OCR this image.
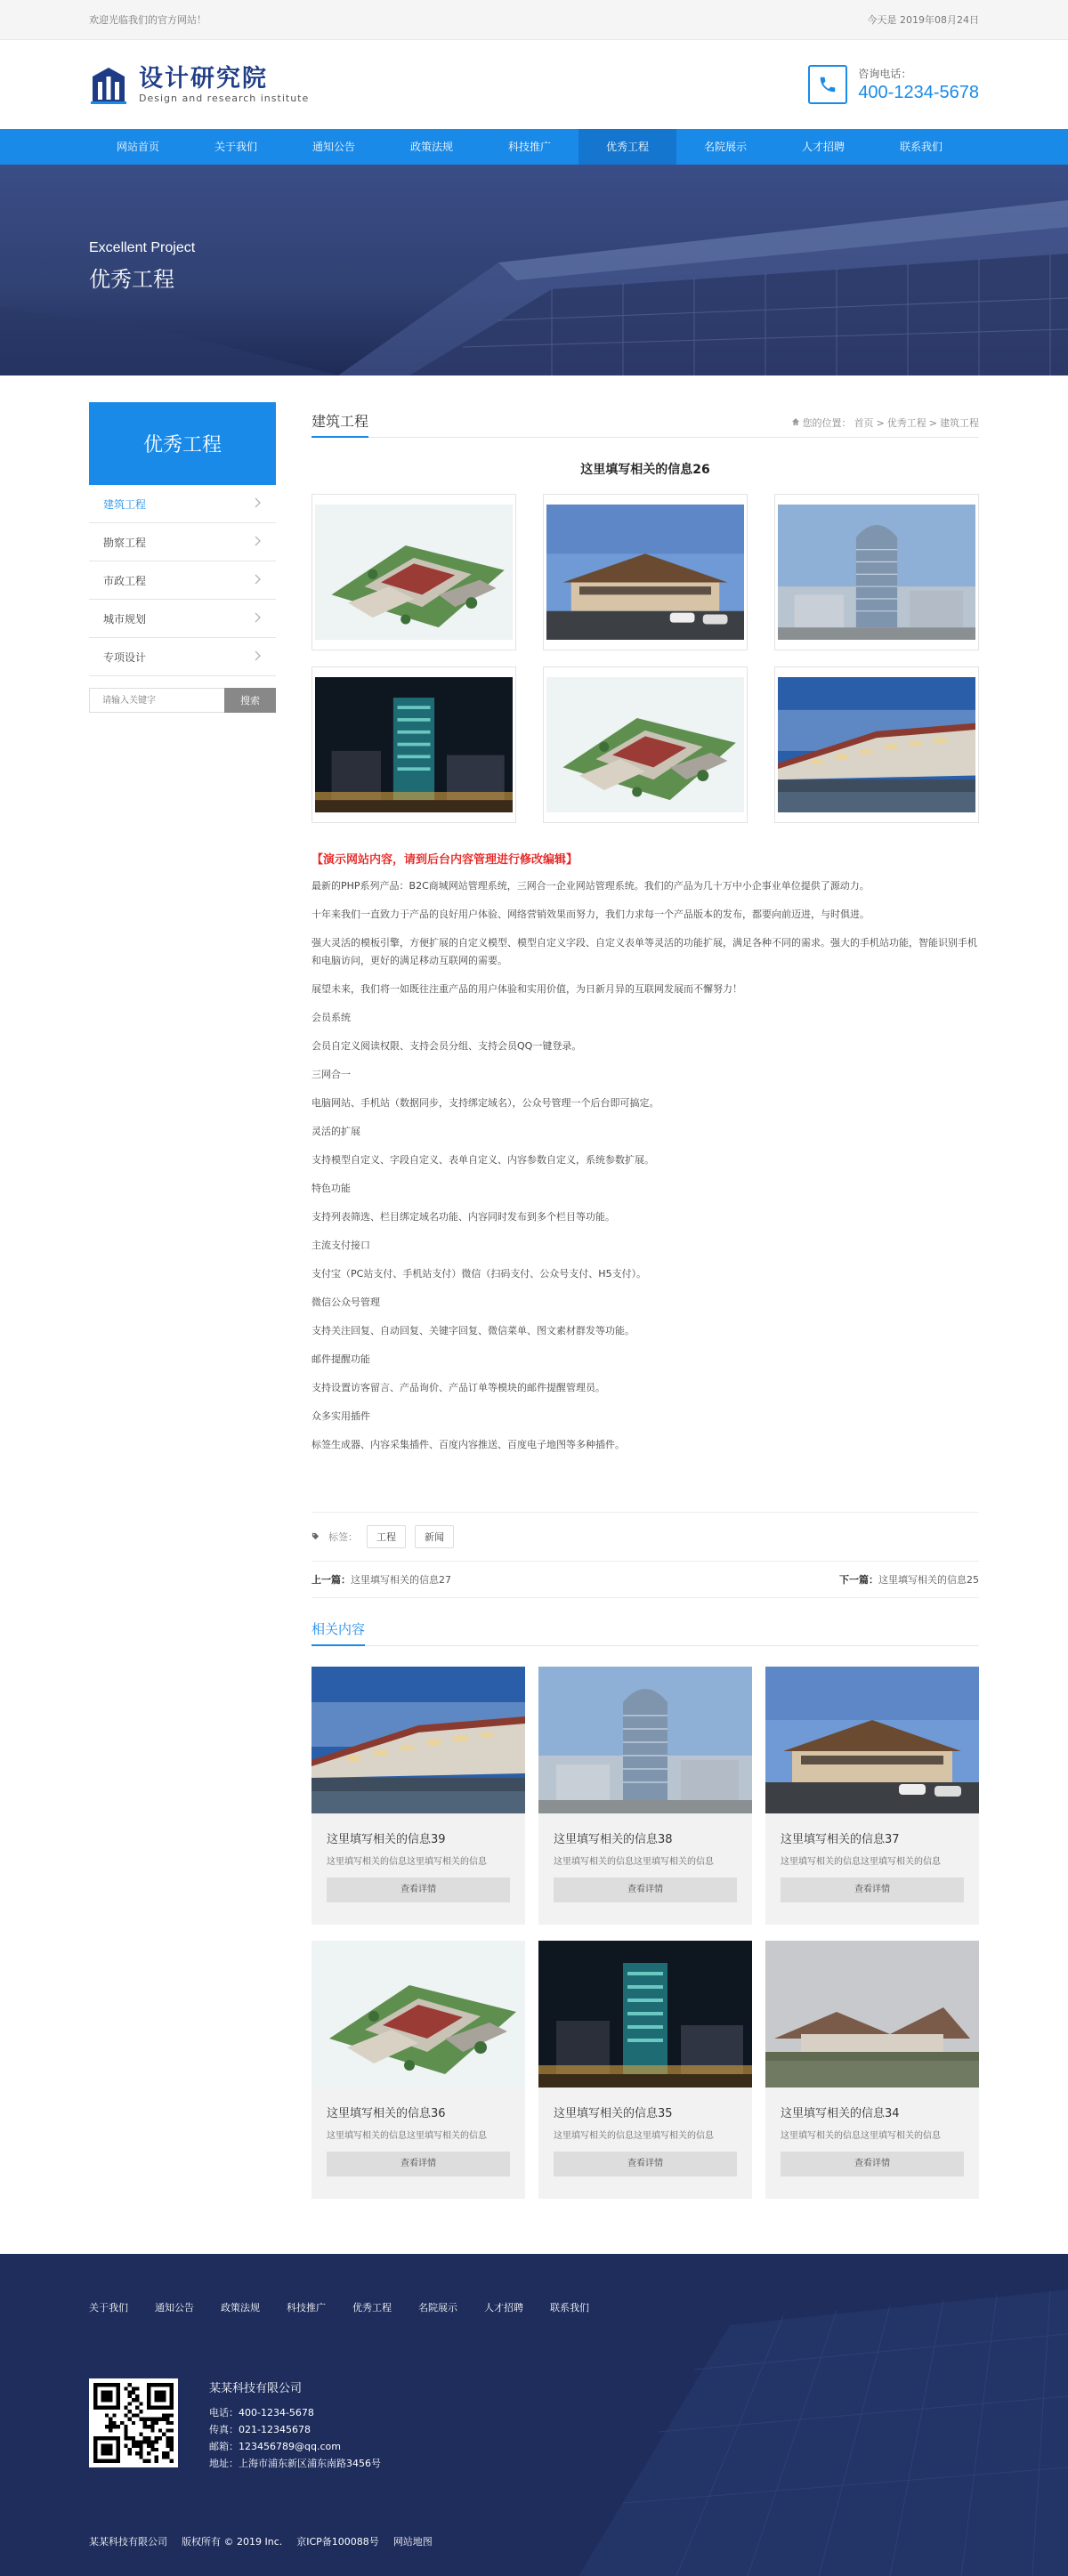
欢迎光临我们的官方网站！	今天是 2019年08月24日
设计研究院
Design and research institute
咨询电话：
400-1234-5678
网站首页	关于我们	通知公告	政策法规	科技推广	优秀工程	名院展示	人才招聘	联系我们
Excellent Project
优秀工程
优秀工程
建筑工程
勘察工程
市政工程
城市规划
专项设计
请输入关键字
搜索
建筑工程	您的位置： 首页 > 优秀工程 > 建筑工程
这里填写相关的信息26
【演示网站内容，请到后台内容管理进行修改编辑】
最新的PHP系列产品：B2C商城网站管理系统，三网合一企业网站管理系统。我们的产品为几十万中小企事业单位提供了源动力。
十年来我们一直致力于产品的良好用户体验、网络营销效果而努力，我们力求每一个产品版本的发布，都要向前迈进，与时俱进。
强大灵活的模板引擎，方便扩展的自定义模型、模型自定义字段、自定义表单等灵活的功能扩展，满足各种不同的需求。强大的手机站功能，智能识别手机和电脑访问，更好的满足移动互联网的需要。
展望未来，我们将一如既往注重产品的用户体验和实用价值，为日新月异的互联网发展而不懈努力！
会员系统
会员自定义阅读权限、支持会员分组、支持会员QQ一键登录。
三网合一
电脑网站、手机站（数据同步，支持绑定域名），公众号管理一个后台即可搞定。
灵活的扩展
支持模型自定义、字段自定义、表单自定义、内容参数自定义，系统参数扩展。
特色功能
支持列表筛选、栏目绑定域名功能、内容同时发布到多个栏目等功能。
主流支付接口
支付宝（PC站支付、手机站支付）微信（扫码支付、公众号支付、H5支付）。
微信公众号管理
支持关注回复、自动回复、关键字回复、微信菜单、图文素材群发等功能。
邮件提醒功能
支持设置访客留言、产品询价、产品订单等模块的邮件提醒管理员。
众多实用插件
标签生成器、内容采集插件、百度内容推送、百度电子地图等多种插件。
标签：	工程	新闻
上一篇：这里填写相关的信息27	下一篇：这里填写相关的信息25
相关内容
这里填写相关的信息39
这里填写相关的信息这里填写相关的信息
查看详情
这里填写相关的信息38
这里填写相关的信息这里填写相关的信息
查看详情
这里填写相关的信息37
这里填写相关的信息这里填写相关的信息
查看详情
这里填写相关的信息36
这里填写相关的信息这里填写相关的信息
查看详情
这里填写相关的信息35
这里填写相关的信息这里填写相关的信息
查看详情
这里填写相关的信息34
这里填写相关的信息这里填写相关的信息
查看详情
关于我们	通知公告	政策法规	科技推广	优秀工程	名院展示	人才招聘	联系我们
某某科技有限公司
电话：400-1234-5678
传真：021-12345678
邮箱：123456789@qq.com
地址：上海市浦东新区浦东南路3456号
某某科技有限公司 版权所有 © 2019 Inc. 京ICP备100088号 网站地图
